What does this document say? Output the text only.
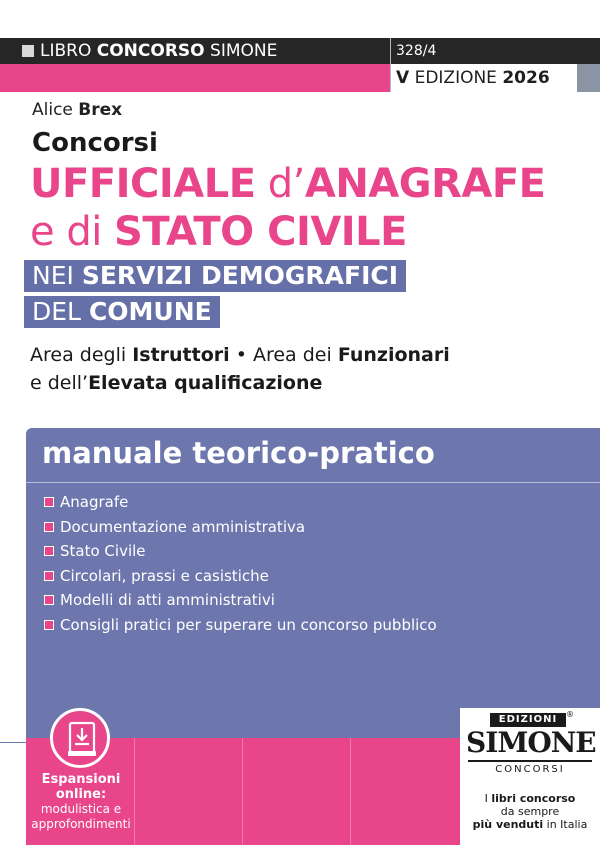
LIBRO CONCORSO SIMONE	328/4
V EDIZIONE 2026
Alice Brex
Concorsi
UFFICIALE d’ANAGRAFE
e di STATO CIVILE
NEI SERVIZI DEMOGRAFICI
DEL COMUNE
Area degli Istruttori • Area dei Funzionari
e dell’Elevata qualificazione
manuale teorico-pratico
Anagrafe
Documentazione amministrativa
Stato Civile
Circolari, prassi e casistiche
Modelli di atti amministrativi
Consigli pratici per superare un concorso pubblico
Espansioni
online:
modulistica e
approfondimenti
EDIZIONI	®
SIMONE
CONCORSI
I libri concorso
da sempre
più venduti in Italia
